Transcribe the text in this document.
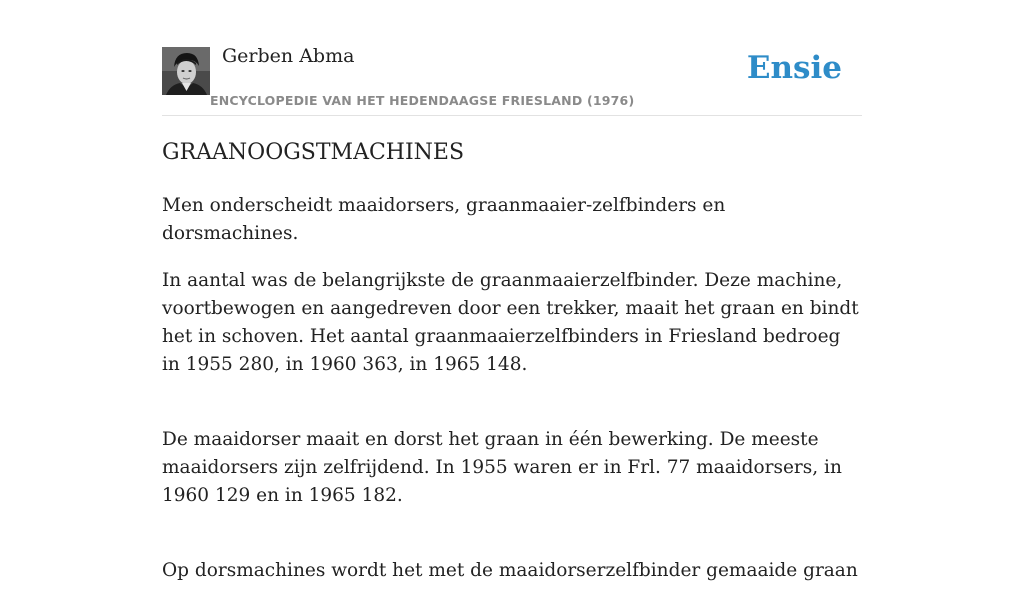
Gerben Abma
ENCYCLOPEDIE VAN HET HEDENDAAGSE FRIESLAND (1976)
Ensie
GRAANOOGSTMACHINES

Men onderscheidt maaidorsers, graanmaaier-zelfbinders en dorsmachines.

In aantal was de belangrijkste de graanmaaierzelfbinder. Deze machine, voortbewogen en aangedreven door een trekker, maait het graan en bindt het in schoven. Het aantal graanmaaierzelfbinders in Friesland bedroeg in 1955 280, in 1960 363, in 1965 148.

De maaidorser maait en dorst het graan in één bewerking. De meeste maaidorsers zijn zelfrijdend. In 1955 waren er in Frl. 77 maaidorsers, in 1960 129 en in 1965 182.

Op dorsmachines wordt het met de maaidorserzelfbinder gemaaide graan
